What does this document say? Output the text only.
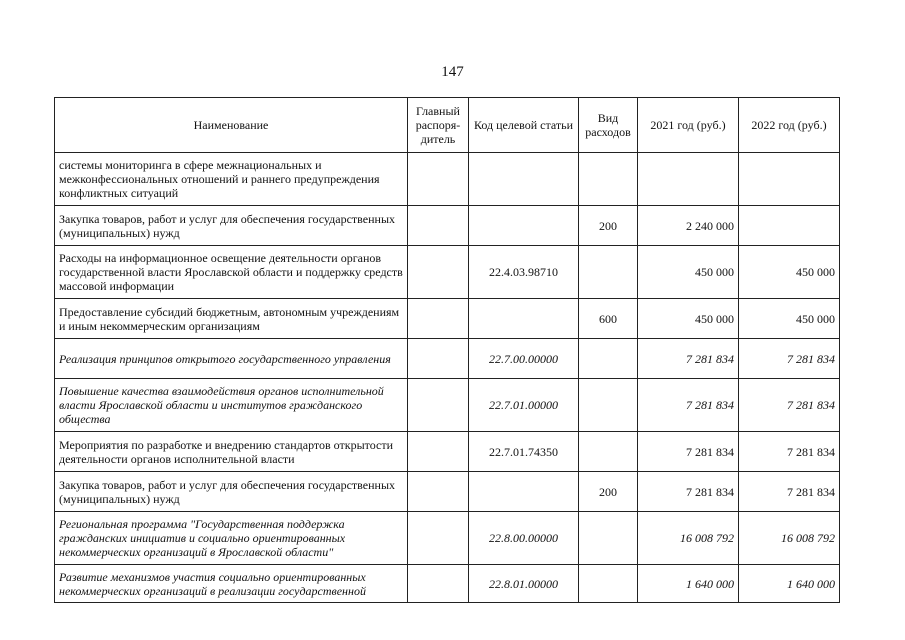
147
Наименование	Главный распоря-дитель	Код целевой статьи	Вид расходов	2021 год (руб.)	2022 год (руб.)
системы мониторинга в сфере межнациональных и межконфессиональных отношений и раннего предупреждения конфликтных ситуаций					
Закупка товаров, работ и услуг для обеспечения государственных (муниципальных) нужд			200	2 240 000	
Расходы на информационное освещение деятельности органов государственной власти Ярославской области и поддержку средств массовой информации		22.4.03.98710		450 000	450 000
Предоставление субсидий бюджетным, автономным учреждениям и иным некоммерческим организациям			600	450 000	450 000
Реализация принципов открытого государственного управления		22.7.00.00000		7 281 834	7 281 834
Повышение качества взаимодействия органов исполнительной власти Ярославской области и институтов гражданского общества		22.7.01.00000		7 281 834	7 281 834
Мероприятия по разработке и внедрению стандартов открытости деятельности органов исполнительной власти		22.7.01.74350		7 281 834	7 281 834
Закупка товаров, работ и услуг для обеспечения государственных (муниципальных) нужд			200	7 281 834	7 281 834
Региональная программа "Государственная поддержка гражданских инициатив и социально ориентированных некоммерческих организаций в Ярославской области"		22.8.00.00000		16 008 792	16 008 792
Развитие механизмов участия социально ориентированных некоммерческих организаций в реализации государственной		22.8.01.00000		1 640 000	1 640 000
